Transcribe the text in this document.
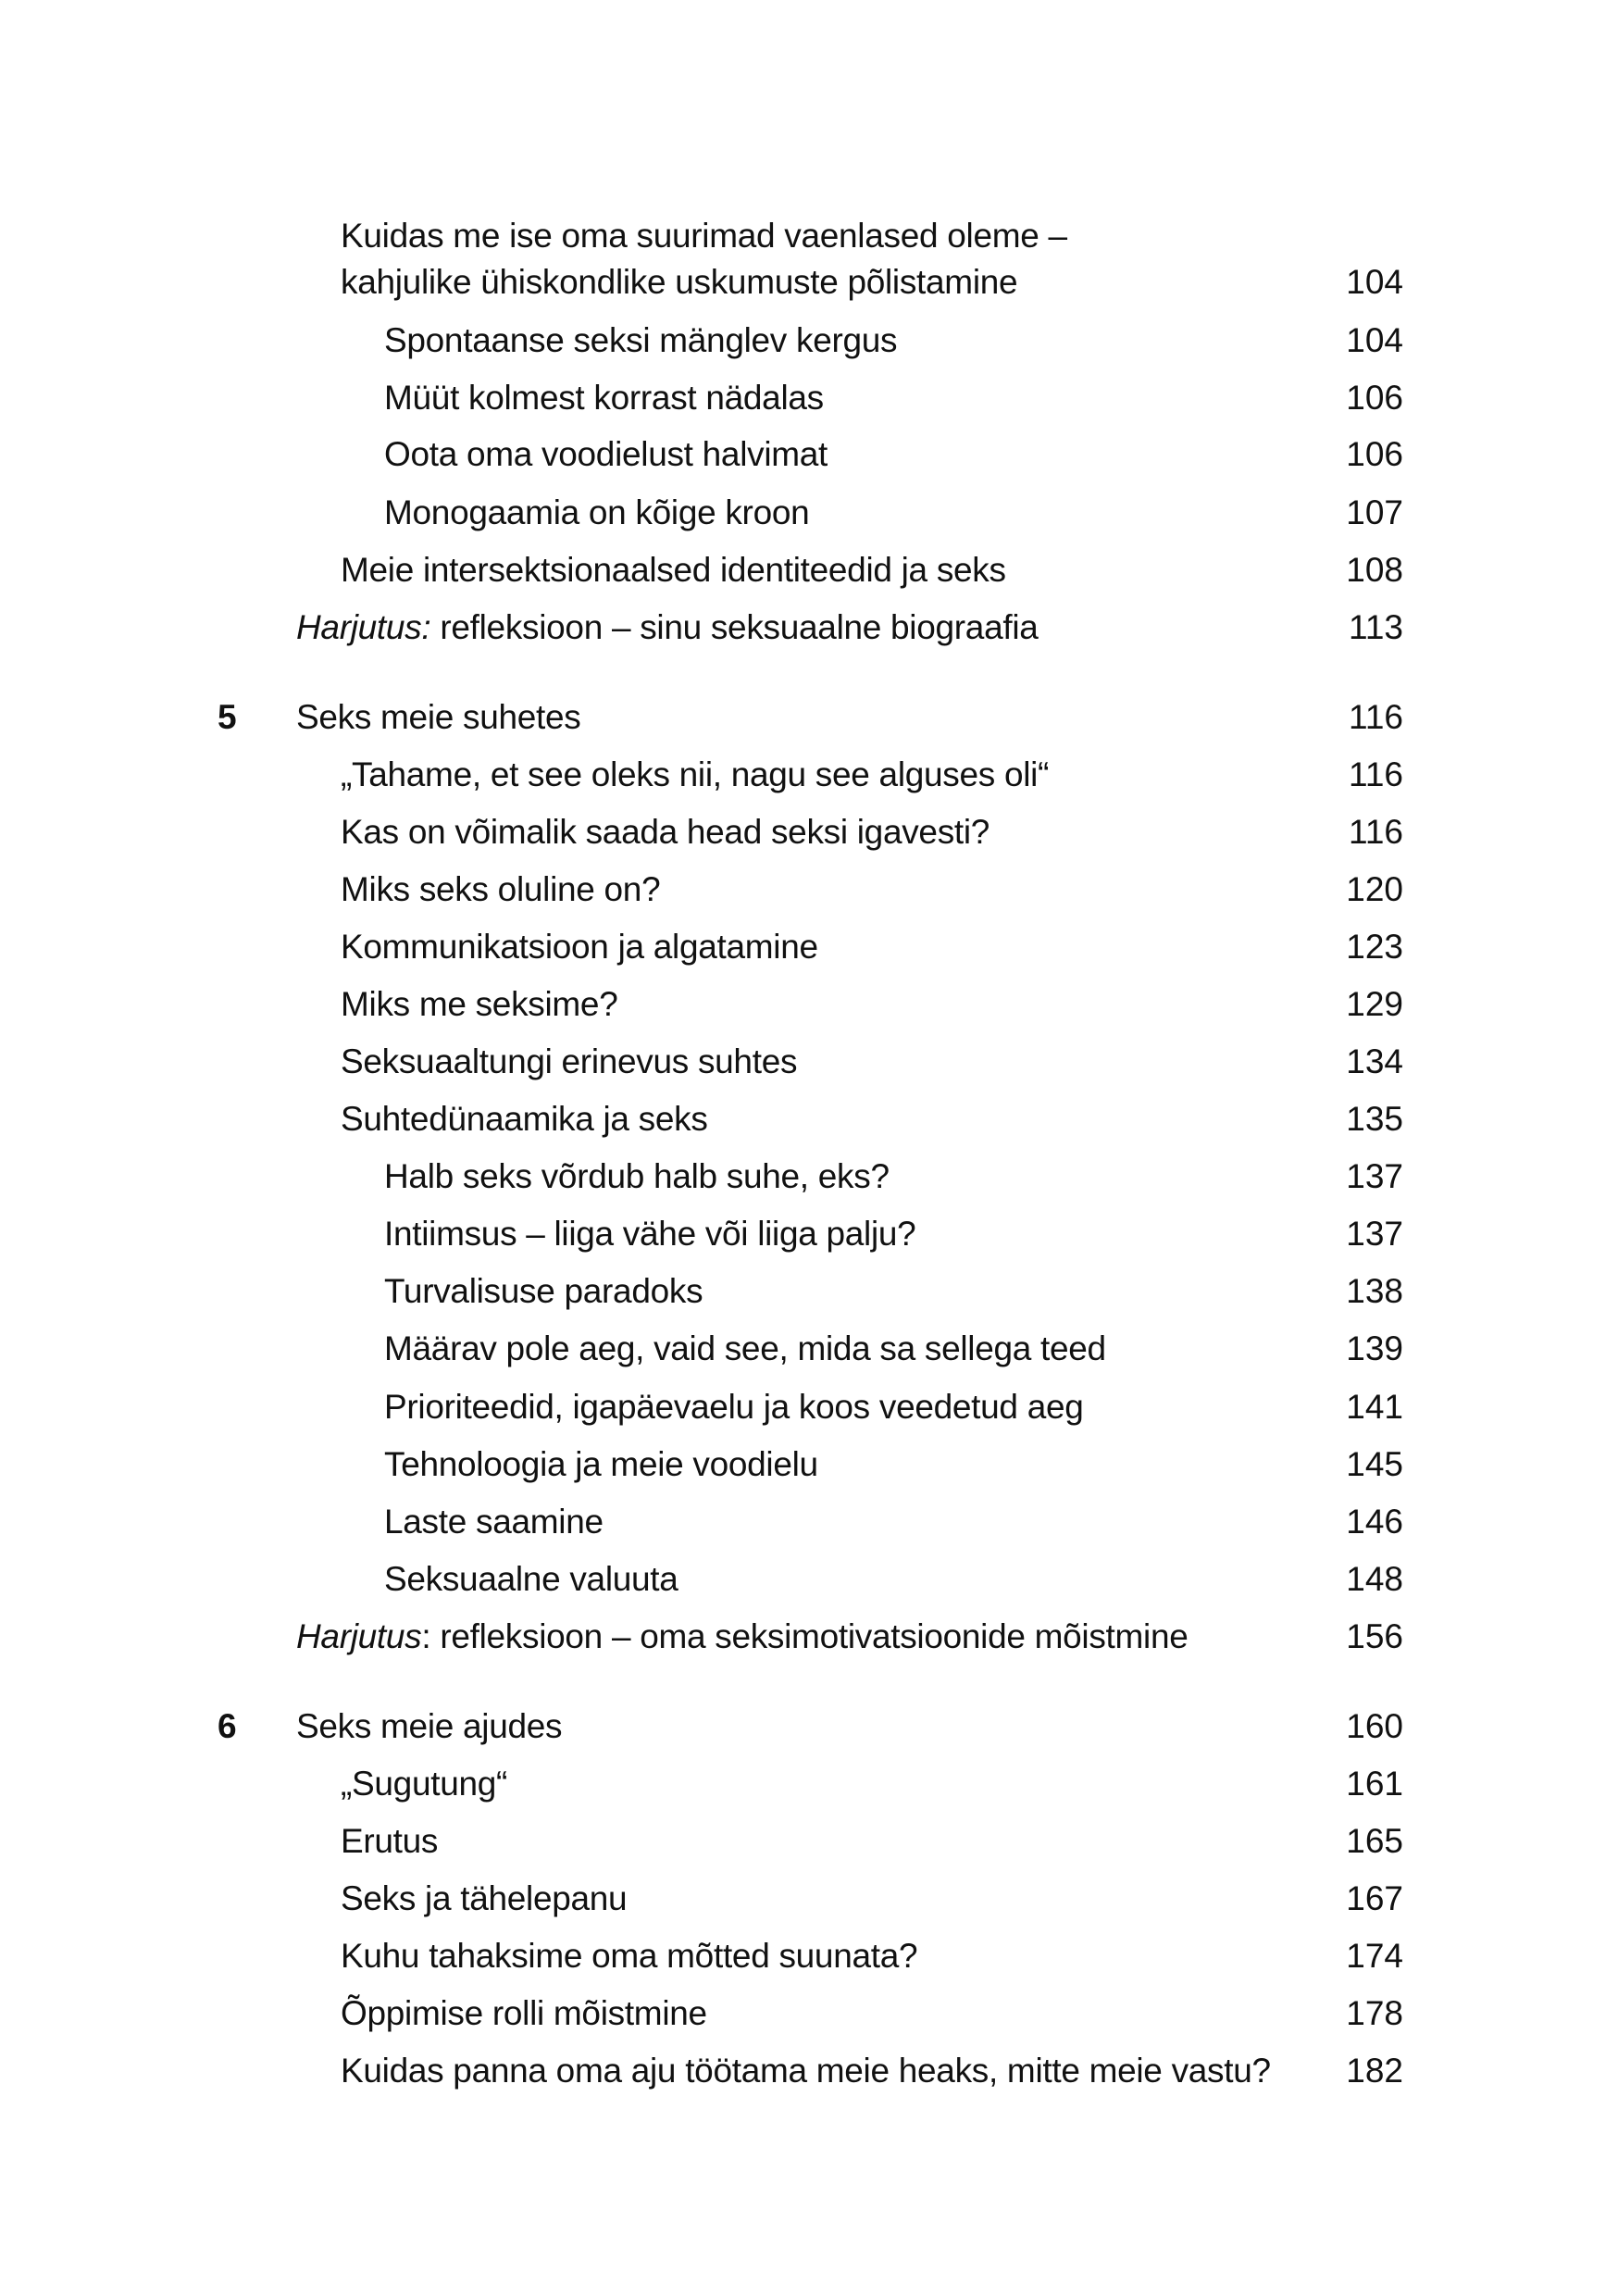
Kuidas me ise oma suurimad vaenlased oleme –
kahjulike ühiskondlike uskumuste põlistamine	104
Spontaanse seksi mänglev kergus	104
Müüt kolmest korrast nädalas	106
Oota oma voodielust halvimat	106
Monogaamia on kõige kroon	107
Meie intersektsionaalsed identiteedid ja seks	108
Harjutus: refleksioon – sinu seksuaalne biograafia	113
5 Seks meie suhetes	116
„Tahame, et see oleks nii, nagu see alguses oli“	116
Kas on võimalik saada head seksi igavesti?	116
Miks seks oluline on?	120
Kommunikatsioon ja algatamine	123
Miks me seksime?	129
Seksuaaltungi erinevus suhtes	134
Suhtedünaamika ja seks	135
Halb seks võrdub halb suhe, eks?	137
Intiimsus – liiga vähe või liiga palju?	137
Turvalisuse paradoks	138
Määrav pole aeg, vaid see, mida sa sellega teed	139
Prioriteedid, igapäevaelu ja koos veedetud aeg	141
Tehnoloogia ja meie voodielu	145
Laste saamine	146
Seksuaalne valuuta	148
Harjutus: refleksioon – oma seksimotivatsioonide mõistmine	156
6 Seks meie ajudes	160
„Sugutung“	161
Erutus	165
Seks ja tähelepanu	167
Kuhu tahaksime oma mõtted suunata?	174
Õppimise rolli mõistmine	178
Kuidas panna oma aju töötama meie heaks, mitte meie vastu? 182
